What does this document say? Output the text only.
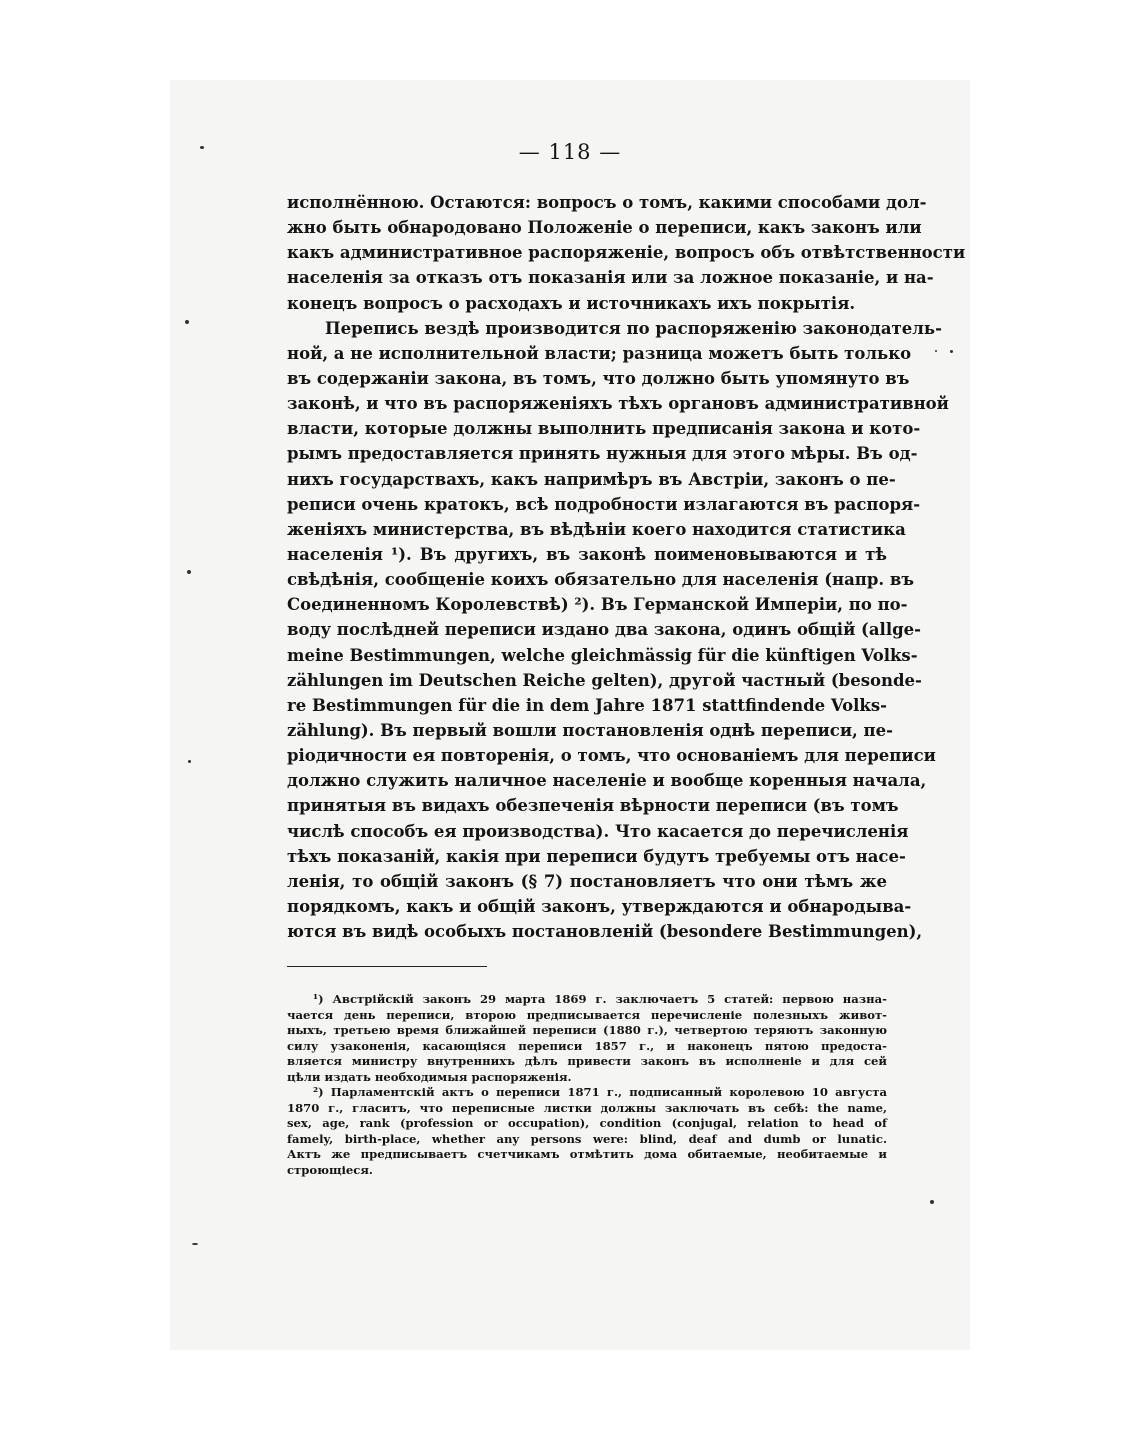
— 118 —
исполнённою. Остаются: вопросъ о томъ, какими способами дол-
жно быть обнародовано Положеніе о переписи, какъ законъ или
какъ административное распоряженіе, вопросъ объ отвѣтственности
населенія за отказъ отъ показанія или за ложное показаніе, и на-
конецъ вопросъ о расходахъ и источникахъ ихъ покрытія.
Перепись вездѣ производится по распоряженію законодатель-
ной, а не исполнительной власти; разница можетъ быть только
въ содержаніи закона, въ томъ, что должно быть упомянуто въ
законѣ, и что въ распоряженіяхъ тѣхъ органовъ административной
власти, которые должны выполнить предписанія закона и кото-
рымъ предоставляется принять нужныя для этого мѣры. Въ од-
нихъ государствахъ, какъ напримѣръ въ Австріи, законъ о пе-
реписи очень кратокъ, всѣ подробности излагаются въ распоря-
женіяхъ министерства, въ вѣдѣніи коего находится статистика
населенія ¹). Въ другихъ, въ законѣ поименовываются и тѣ
свѣдѣнія, сообщеніе коихъ обязательно для населенія (напр. въ
Соединенномъ Королевствѣ) ²). Въ Германской Имперіи, по по-
воду послѣдней переписи издано два закона, одинъ общій (allge-
meine Bestimmungen, welche gleichmässig für die künftigen Volks-
zählungen im Deutschen Reiche gelten), другой частный (besonde-
re Bestimmungen für die in dem Jahre 1871 stattfindende Volks-
zählung). Въ первый вошли постановленія однѣ переписи, пе-
ріодичности ея повторенія, о томъ, что основаніемъ для переписи
должно служить наличное населеніе и вообще коренныя начала,
принятыя въ видахъ обезпеченія вѣрности переписи (въ томъ
числѣ способъ ея производства). Что касается до перечисленія
тѣхъ показаній, какія при переписи будутъ требуемы отъ насе-
ленія, то общій законъ (§ 7) постановляетъ что они тѣмъ же
порядкомъ, какъ и общій законъ, утверждаются и обнародыва-
ются въ видѣ особыхъ постановленій (besondere Bestimmungen),
¹) Австрійскій законъ 29 марта 1869 г. заключаетъ 5 статей: первою назна-
чается день переписи, второю предписывается перечисленіе полезныхъ живот-
ныхъ, третьею время ближайшей переписи (1880 г.), четвертою теряютъ законную
силу узаконенія, касающіяся переписи 1857 г., и наконецъ пятою предоста-
вляется министру внутреннихъ дѣлъ привести законъ въ исполненіе и для сей
цѣли издать необходимыя распоряженія.
²) Парламентскій актъ о переписи 1871 г., подписанный королевою 10 августа
1870 г., гласитъ, что переписные листки должны заключать въ себѣ: the name,
sex, age, rank (profession or occupation), condition (conjugal, relation to head of
famely, birth-place, whether any persons were: blind, deaf and dumb or lunatic.
Актъ же предписываетъ счетчикамъ отмѣтить дома обитаемые, необитаемые и
строющіеся.
